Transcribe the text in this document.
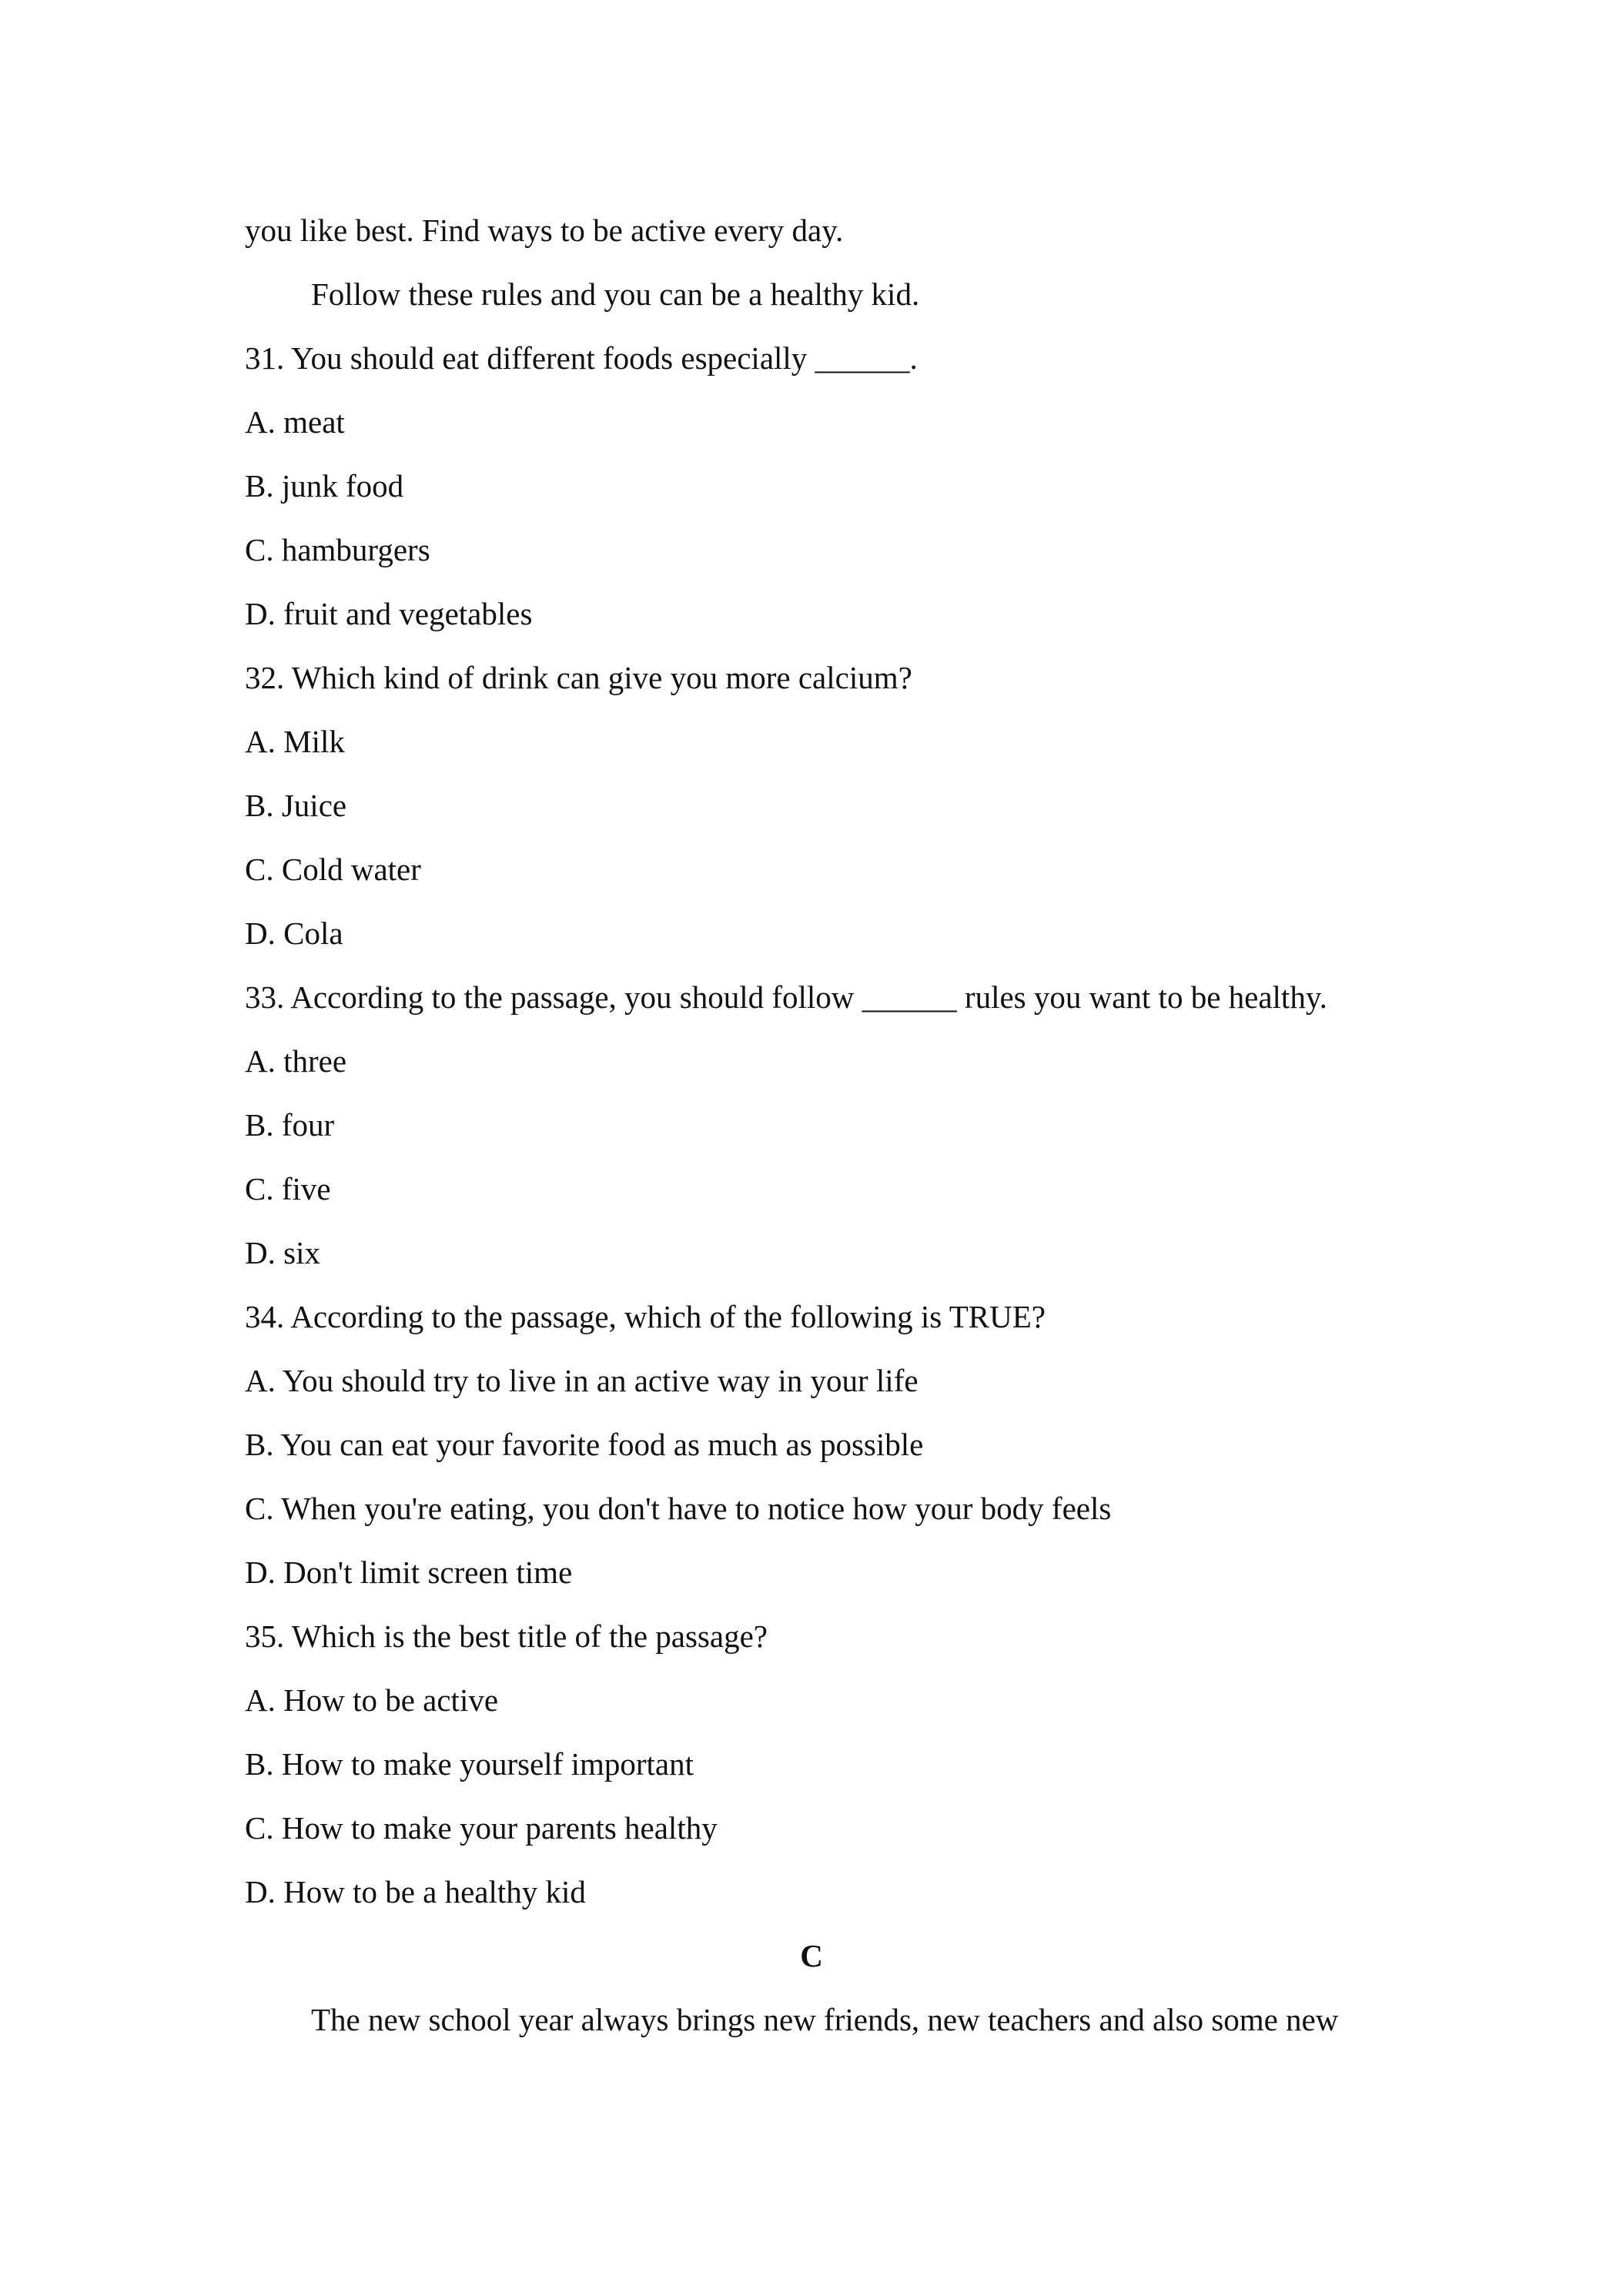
you like best. Find ways to be active every day.
Follow these rules and you can be a healthy kid.
31. You should eat different foods especially ______.
A. meat
B. junk food
C. hamburgers
D. fruit and vegetables
32. Which kind of drink can give you more calcium?
A. Milk
B. Juice
C. Cold water
D. Cola
33. According to the passage, you should follow ______ rules you want to be healthy.
A. three
B. four
C. five
D. six
34. According to the passage, which of the following is TRUE?
A. You should try to live in an active way in your life
B. You can eat your favorite food as much as possible
C. When you're eating, you don't have to notice how your body feels
D. Don't limit screen time
35. Which is the best title of the passage?
A. How to be active
B. How to make yourself important
C. How to make your parents healthy
D. How to be a healthy kid
C
The new school year always brings new friends, new teachers and also some new
